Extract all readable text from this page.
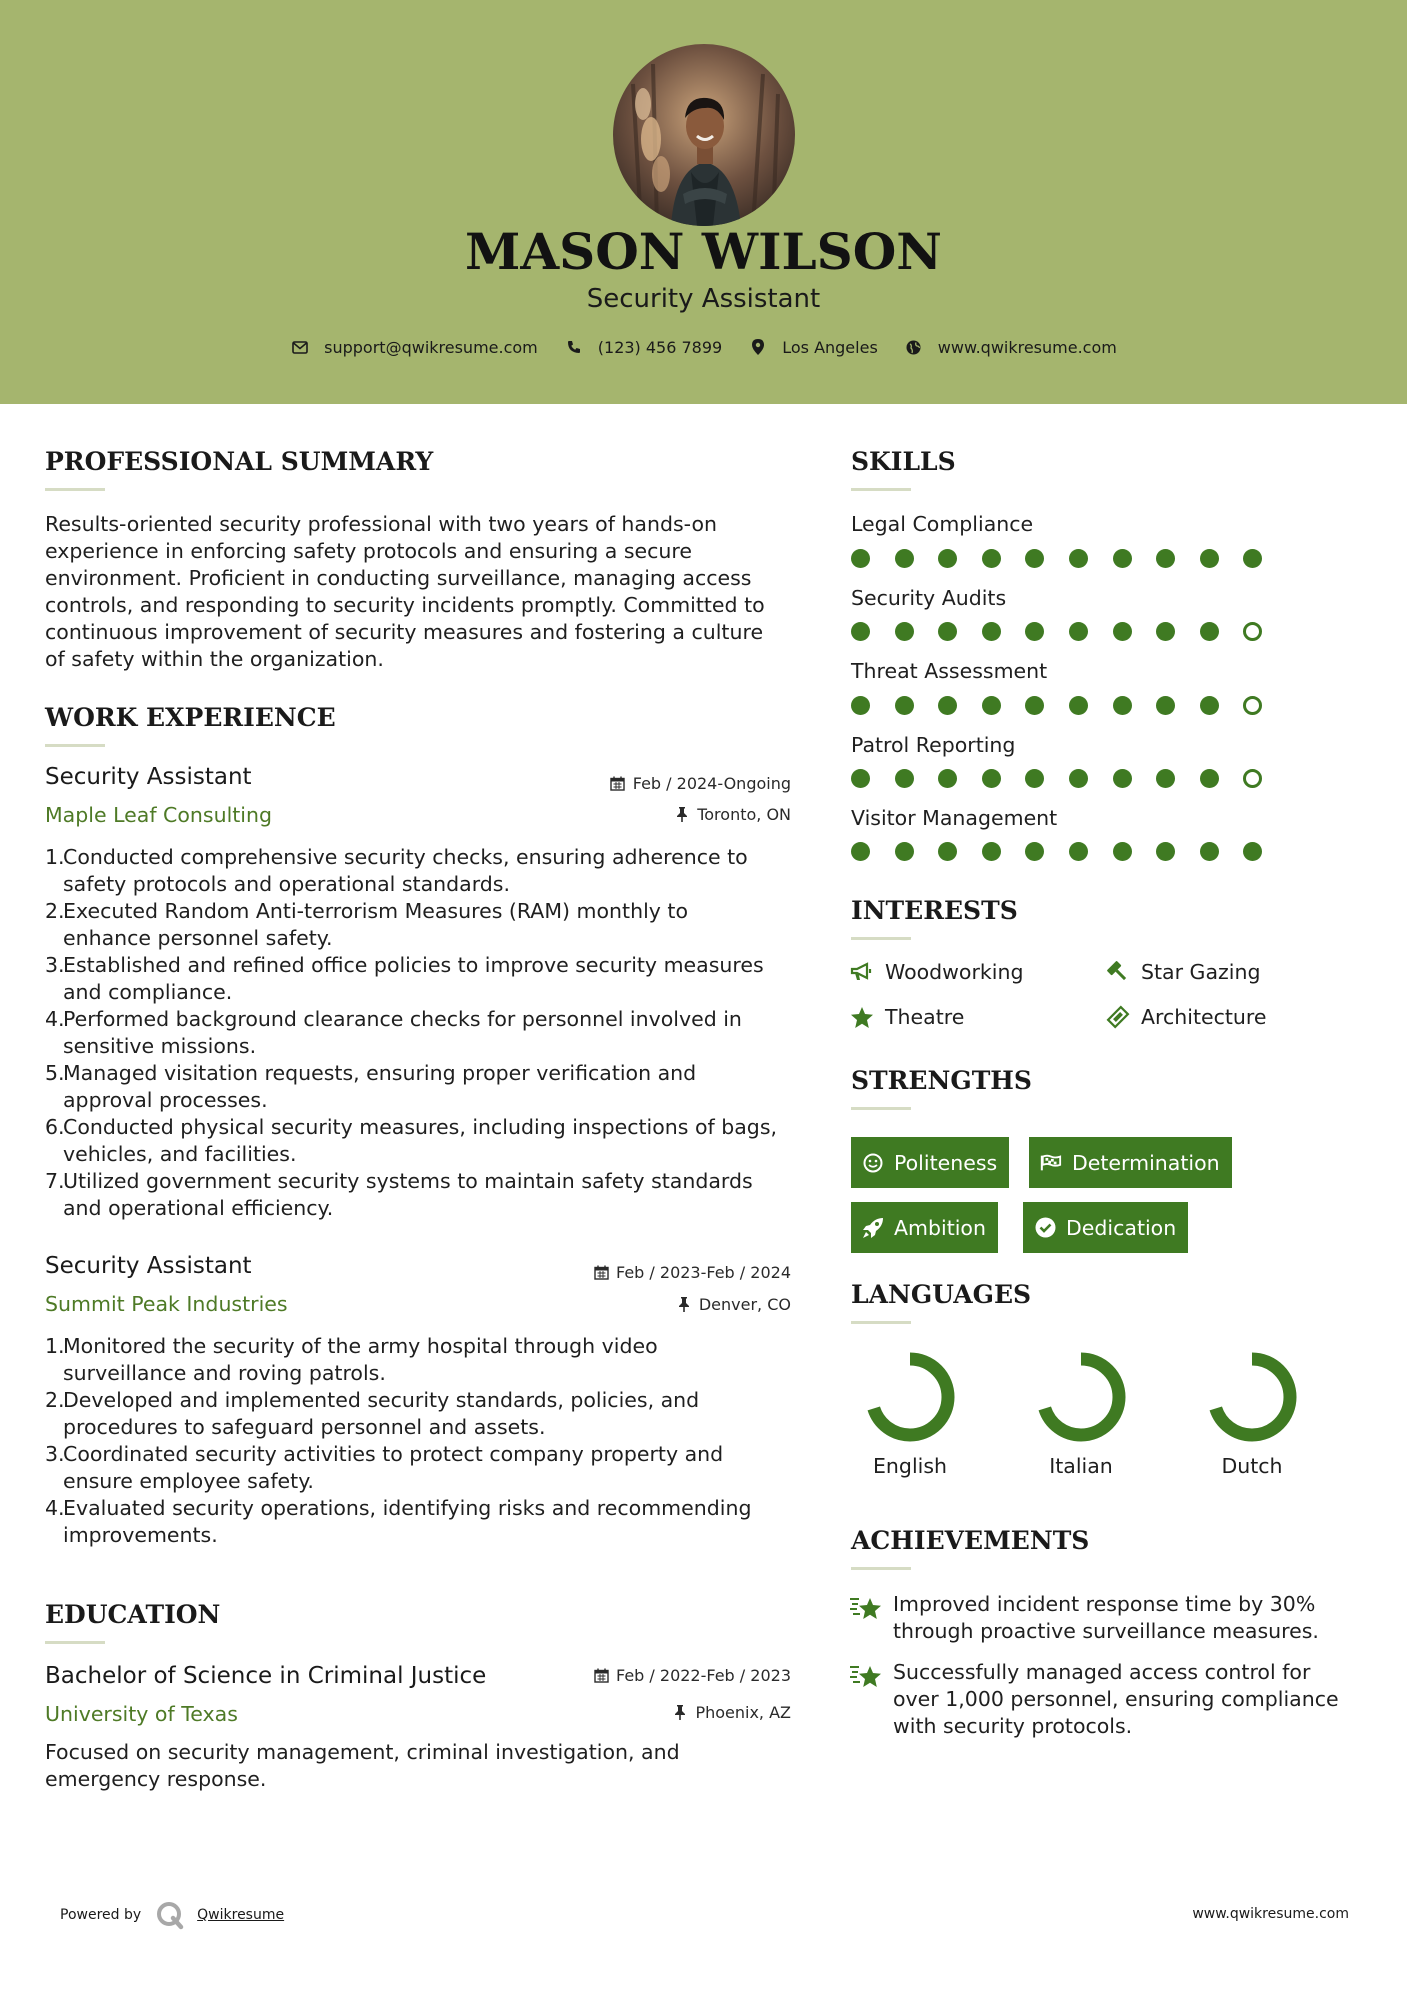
MASON WILSON
Security Assistant
support@qwikresume.com	(123) 456 7899	Los Angeles	www.qwikresume.com
PROFESSIONAL SUMMARY
Results-oriented security professional with two years of hands-on
experience in enforcing safety protocols and ensuring a secure
environment. Proficient in conducting surveillance, managing access
controls, and responding to security incidents promptly. Committed to
continuous improvement of security measures and fostering a culture
of safety within the organization.
WORK EXPERIENCE
Security Assistant
Maple Leaf Consulting
Feb / 2024-Ongoing
Toronto, ON
1.
Conducted comprehensive security checks, ensuring adherence to
safety protocols and operational standards.
2.
Executed Random Anti-terrorism Measures (RAM) monthly to
enhance personnel safety.
3.
Established and refined office policies to improve security measures
and compliance.
4.
Performed background clearance checks for personnel involved in
sensitive missions.
5.
Managed visitation requests, ensuring proper verification and
approval processes.
6.
Conducted physical security measures, including inspections of bags,
vehicles, and facilities.
7.
Utilized government security systems to maintain safety standards
and operational efficiency.
Security Assistant
Summit Peak Industries
Feb / 2023-Feb / 2024
Denver, CO
1.
Monitored the security of the army hospital through video
surveillance and roving patrols.
2.
Developed and implemented security standards, policies, and
procedures to safeguard personnel and assets.
3.
Coordinated security activities to protect company property and
ensure employee safety.
4.
Evaluated security operations, identifying risks and recommending
improvements.
EDUCATION
Bachelor of Science in Criminal Justice
University of Texas
Feb / 2022-Feb / 2023
Phoenix, AZ
Focused on security management, criminal investigation, and
emergency response.
SKILLS
Legal Compliance
Security Audits
Threat Assessment
Patrol Reporting
Visitor Management
INTERESTS
Woodworking	Star Gazing
Theatre	Architecture
STRENGTHS
Politeness	Determination
Ambition	Dedication
LANGUAGES
English	Italian	Dutch
ACHIEVEMENTS
Improved incident response time by 30%
through proactive surveillance measures.
Successfully managed access control for
over 1,000 personnel, ensuring compliance
with security protocols.
Powered by	Qwikresume	www.qwikresume.com
